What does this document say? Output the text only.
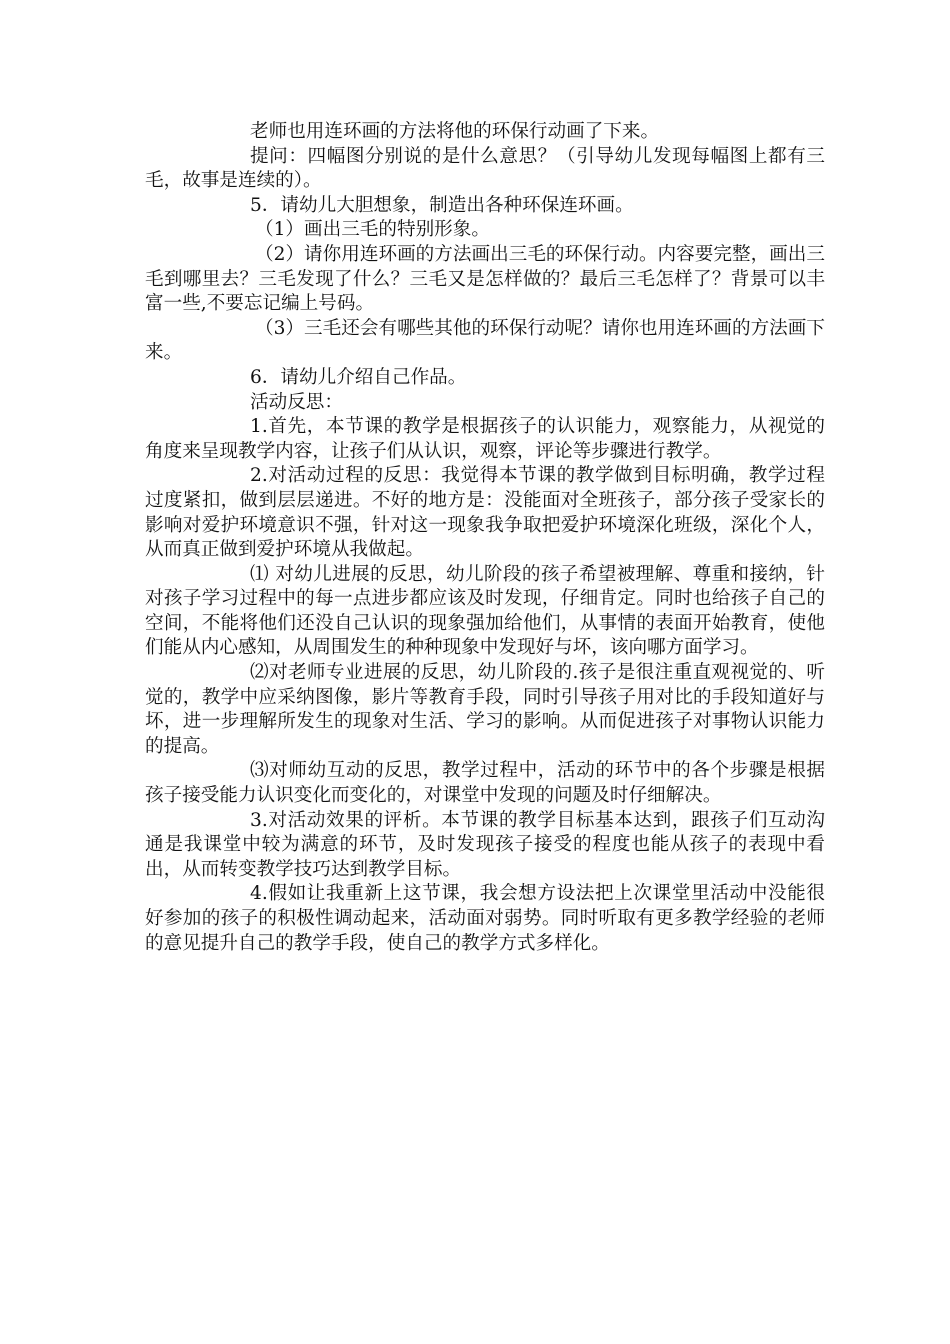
老师也用连环画的方法将他的环保行动画了下来。

提问：四幅图分别说的是什么意思？（引导幼儿发现每幅图上都有三毛，故事是连续的）。

5．请幼儿大胆想象，制造出各种环保连环画。

（1）画出三毛的特别形象。

（2）请你用连环画的方法画出三毛的环保行动。内容要完整，画出三毛到哪里去？三毛发现了什么？三毛又是怎样做的？最后三毛怎样了？背景可以丰富一些,不要忘记编上号码。

（3）三毛还会有哪些其他的环保行动呢？请你也用连环画的方法画下来。

6．请幼儿介绍自己作品。

活动反思：

1.首先，本节课的教学是根据孩子的认识能力，观察能力，从视觉的角度来呈现教学内容，让孩子们从认识，观察，评论等步骤进行教学。

2.对活动过程的反思：我觉得本节课的教学做到目标明确，教学过程过度紧扣，做到层层递进。不好的地方是：没能面对全班孩子，部分孩子受家长的影响对爱护环境意识不强，针对这一现象我争取把爱护环境深化班级，深化个人，从而真正做到爱护环境从我做起。

⑴ 对幼儿进展的反思，幼儿阶段的孩子希望被理解、尊重和接纳，针对孩子学习过程中的每一点进步都应该及时发现，仔细肯定。同时也给孩子自己的空间，不能将他们还没自己认识的现象强加给他们，从事情的表面开始教育，使他们能从内心感知，从周围发生的种种现象中发现好与坏，该向哪方面学习。

⑵对老师专业进展的反思，幼儿阶段的.孩子是很注重直观视觉的、听觉的，教学中应采纳图像，影片等教育手段，同时引导孩子用对比的手段知道好与坏，进一步理解所发生的现象对生活、学习的影响。从而促进孩子对事物认识能力的提高。

⑶对师幼互动的反思，教学过程中，活动的环节中的各个步骤是根据孩子接受能力认识变化而变化的，对课堂中发现的问题及时仔细解决。

3.对活动效果的评析。本节课的教学目标基本达到，跟孩子们互动沟通是我课堂中较为满意的环节，及时发现孩子接受的程度也能从孩子的表现中看出，从而转变教学技巧达到教学目标。

4.假如让我重新上这节课，我会想方设法把上次课堂里活动中没能很好参加的孩子的积极性调动起来，活动面对弱势。同时听取有更多教学经验的老师的意见提升自己的教学手段，使自己的教学方式多样化。
